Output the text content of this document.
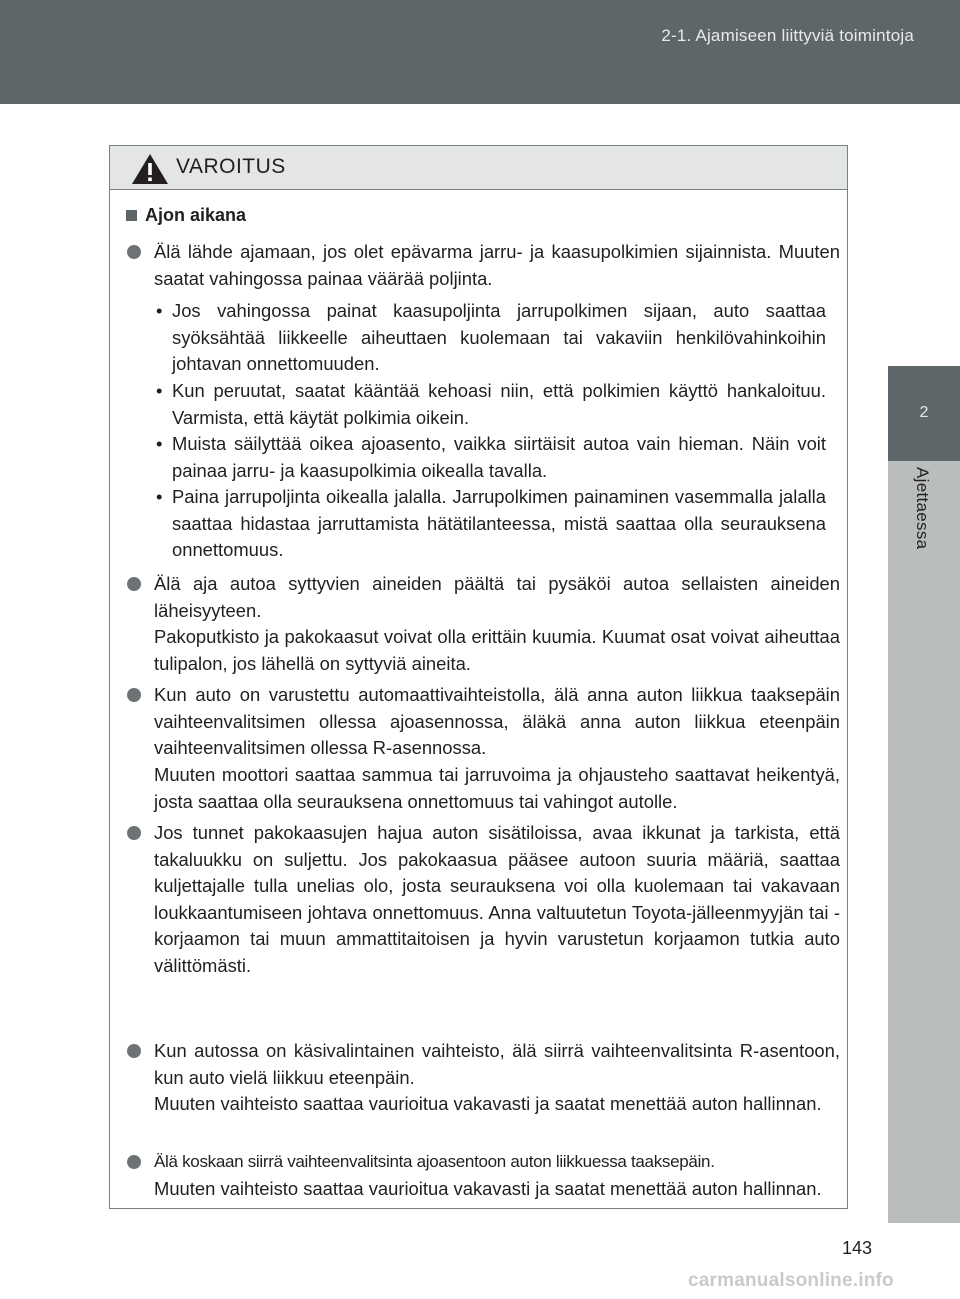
2-1. Ajamiseen liittyviä toimintoja
2
Ajettaessa
VAROITUS
Ajon aikana
Älä lähde ajamaan, jos olet epävarma jarru- ja kaasupolkimien sijainnista. Muuten saatat vahingossa painaa väärää poljinta.
• Jos vahingossa painat kaasupoljinta jarrupolkimen sijaan, auto saattaa syöksähtää liikkeelle aiheuttaen kuolemaan tai vakaviin henkilövahinkoihin johtavan onnettomuuden.
• Kun peruutat, saatat kääntää kehoasi niin, että polkimien käyttö hankaloituu. Varmista, että käytät polkimia oikein.
• Muista säilyttää oikea ajoasento, vaikka siirtäisit autoa vain hieman. Näin voit painaa jarru- ja kaasupolkimia oikealla tavalla.
• Paina jarrupoljinta oikealla jalalla. Jarrupolkimen painaminen vasemmalla jalalla saattaa hidastaa jarruttamista hätätilanteessa, mistä saattaa olla seurauksena onnettomuus.
Älä aja autoa syttyvien aineiden päältä tai pysäköi autoa sellaisten aineiden läheisyyteen.
Pakoputkisto ja pakokaasut voivat olla erittäin kuumia. Kuumat osat voivat aiheuttaa tulipalon, jos lähellä on syttyviä aineita.
Kun auto on varustettu automaattivaihteistolla, älä anna auton liikkua taaksepäin vaihteenvalitsimen ollessa ajoasennossa, äläkä anna auton liikkua eteenpäin vaihteenvalitsimen ollessa R-asennossa.
Muuten moottori saattaa sammua tai jarruvoima ja ohjausteho saattavat heikentyä, josta saattaa olla seurauksena onnettomuus tai vahingot autolle.
Jos tunnet pakokaasujen hajua auton sisätiloissa, avaa ikkunat ja tarkista, että takaluukku on suljettu. Jos pakokaasua pääsee autoon suuria määriä, saattaa kuljettajalle tulla unelias olo, josta seurauksena voi olla kuolemaan tai vakavaan loukkaantumiseen johtava onnettomuus. Anna valtuutetun Toyota-jälleenmyyjän tai -korjaamon tai muun ammattitaitoisen ja hyvin varustetun korjaamon tutkia auto välittömästi.
Kun autossa on käsivalintainen vaihteisto, älä siirrä vaihteenvalitsinta R-asentoon, kun auto vielä liikkuu eteenpäin.
Muuten vaihteisto saattaa vaurioitua vakavasti ja saatat menettää auton hallinnan.
Älä koskaan siirrä vaihteenvalitsinta ajoasentoon auton liikkuessa taaksepäin.
Muuten vaihteisto saattaa vaurioitua vakavasti ja saatat menettää auton hallinnan.
143
carmanualsonline.info
